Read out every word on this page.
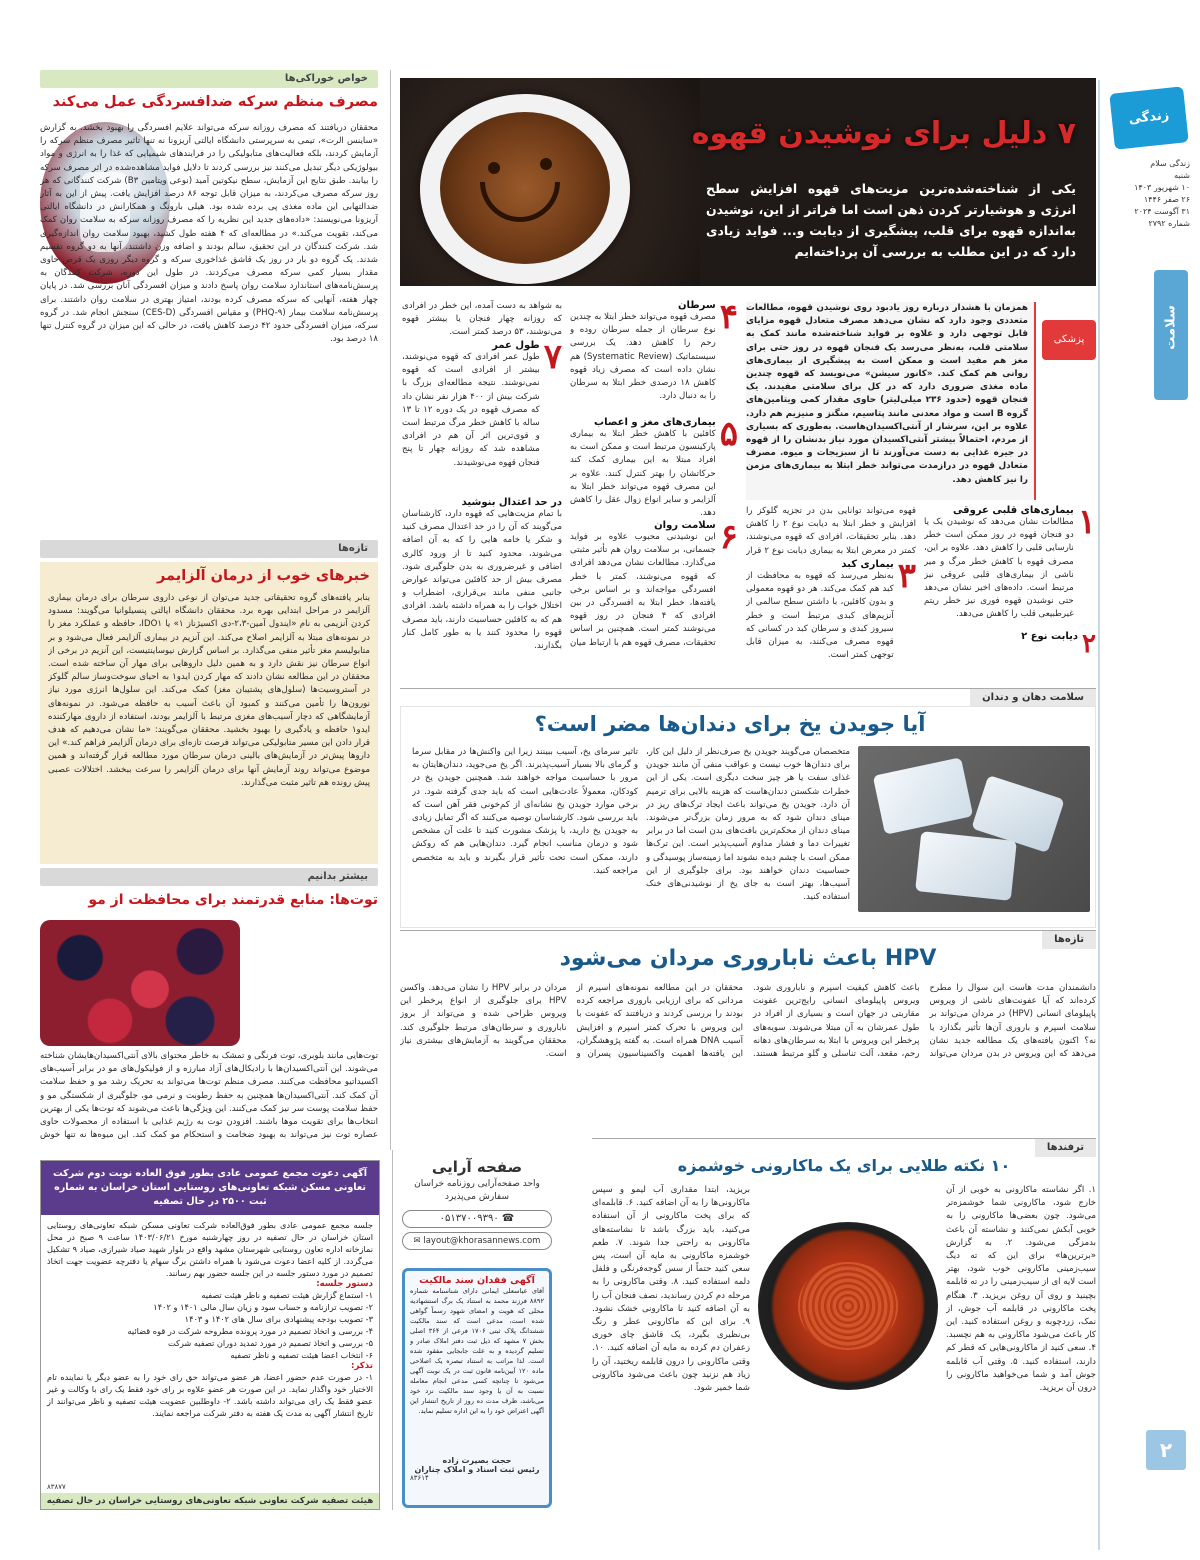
زندگی سلام
زندگی سلام
شنبه
۱۰ شهریور ۱۴۰۳
۲۶ صفر ۱۴۴۶
۳۱ آگوست ۲۰۲۴
شماره ۲۷۹۲
سلامت
۲
۷ دلیل برای نوشیدن قهوه
یکی از شناخته‌شده‌ترین مزیت‌های قهوه افزایش سطح انرژی و هوشیارتر کردن ذهن است اما فراتر از این، نوشیدن به‌اندازه قهوه برای قلب، پیشگیری از دیابت و... فواید زیادی دارد که در این مطلب به بررسی آن پرداخته‌ایم
پزشکی
همزمان با هشدار درباره روز یادبود روی نوشیدن قهوه، مطالعات متعددی وجود دارد که نشان می‌دهد مصرف متعادل قهوه مزایای قابل توجهی دارد و علاوه بر فواید شناخته‌شده مانند کمک به سلامتی قلب، به‌نظر می‌رسد یک فنجان قهوه در روز حتی برای مغز هم مفید است و ممکن است به پیشگیری از بیماری‌های روانی هم کمک کند. «کانور سیشن» می‌نویسد که قهوه چندین ماده مغذی ضروری دارد که در کل برای سلامتی مفیدند. یک فنجان قهوه (حدود ۲۳۶ میلی‌لیتر) حاوی مقدار کمی ویتامین‌های گروه B است و مواد معدنی مانند پتاسیم، منگنز و منیزیم هم دارد. علاوه بر این، سرشار از آنتی‌اکسیدان‌هاست. به‌طوری که بسیاری از مردم، احتمالاً بیشتر آنتی‌اکسیدان مورد نیاز بدنشان را از قهوه در جیره غذایی به دست می‌آورند تا از سبزیجات و میوه. مصرف متعادل قهوه در درازمدت می‌تواند خطر ابتلا به بیماری‌های مزمن را نیز کاهش دهد.
۱
بیماری‌های قلبی عروقی
مطالعات نشان می‌دهد که نوشیدن یک یا دو فنجان قهوه در روز ممکن است خطر نارسایی قلبی را کاهش دهد. علاوه بر این، مصرف قهوه با کاهش خطر مرگ و میر ناشی از بیماری‌های قلبی عروقی نیز مرتبط است. داده‌های اخیر نشان می‌دهد حتی نوشیدن قهوه فوری نیز خطر ریتم غیرطبیعی قلب را کاهش می‌دهد.
۲
دیابت نوع ۲
قهوه می‌تواند توانایی بدن در تجزیه گلوکز را افزایش و خطر ابتلا به دیابت نوع ۲ را کاهش دهد. بنابر تحقیقات، افرادی که قهوه می‌نوشند، کمتر در معرض ابتلا به بیماری دیابت نوع ۲ قرار
۳
بیماری کبد
به‌نظر می‌رسد که قهوه به محافظت از کبد هم کمک می‌کند. هر دو قهوه معمولی و بدون کافئین، با داشتن سطح سالمی از آنزیم‌های کبدی مرتبط است و خطر سیروز کبدی و سرطان کبد در کسانی که قهوه مصرف می‌کنند، به میزان قابل توجهی کمتر است.
۴
سرطان
مصرف قهوه می‌تواند خطر ابتلا به چندین نوع سرطان از جمله سرطان روده و رحم را کاهش دهد. یک بررسی سیستماتیک (Systematic Review) هم نشان داده است که مصرف زیاد قهوه کاهش ۱۸ درصدی خطر ابتلا به سرطان را به دنبال دارد.
۵
بیماری‌های مغز و اعصاب
کافئین با کاهش خطر ابتلا به بیماری پارکینسون مرتبط است و ممکن است به افراد مبتلا به این بیماری کمک کند حرکاتشان را بهتر کنترل کنند. علاوه بر این مصرف قهوه می‌تواند خطر ابتلا به آلزایمر و سایر انواع زوال عقل را کاهش دهد.
۶
سلامت روان
این نوشیدنی محبوب علاوه بر فواید جسمانی، بر سلامت روان هم تأثیر مثبتی می‌گذارد. مطالعات نشان می‌دهد افرادی که قهوه می‌نوشند، کمتر با خطر افسردگی مواجه‌اند و بر اساس برخی یافته‌ها، خطر ابتلا به افسردگی در بین افرادی که ۴ فنجان در روز قهوه می‌نوشند کمتر است. همچنین بر اساس تحقیقات، مصرف قهوه هم با ارتباط میان
به شواهد به دست آمده، این خطر در افرادی که روزانه چهار فنجان یا بیشتر قهوه می‌نوشند، ۵۳ درصد کمتر است.
۷
طول عمر
طول عمر افرادی که قهوه می‌نوشند، بیشتر از افرادی است که قهوه نمی‌نوشند. نتیجه مطالعه‌ای بزرگ با شرکت بیش از ۴۰۰ هزار نفر نشان داد که مصرف قهوه در یک دوره ۱۲ تا ۱۳ ساله با کاهش خطر مرگ مرتبط است و قوی‌ترین اثر آن هم در افرادی مشاهده شد که روزانه چهار تا پنج فنجان قهوه می‌نوشیدند.
در حد اعتدال بنوشید
با تمام مزیت‌هایی که قهوه دارد، کارشناسان می‌گویند که آن را در حد اعتدال مصرف کنید و شکر یا خامه هایی را که به آن اضافه می‌شوند، محدود کنید تا از ورود کالری اضافی و غیرضروری به بدن جلوگیری شود. مصرف بیش از حد کافئین می‌تواند عوارض جانبی منفی مانند بی‌قراری، اضطراب و اختلال خواب را به همراه داشته باشد. افرادی هم که به کافئین حساسیت دارند، باید مصرف قهوه را محدود کنند یا به طور کامل کنار بگذارند.
خواص خوراکی‌ها
مصرف منظم سرکه ضدافسردگی عمل می‌کند
محققان دریافتند که مصرف روزانه سرکه می‌تواند علایم افسردگی را بهبود بخشد. به گزارش «ساینس الرت»، تیمی به سرپرستی دانشگاه ایالتی آریزونا نه تنها تاثیر مصرف منظم سرکه را آزمایش کردند، بلکه فعالیت‌های متابولیکی را در فرایندهای شیمیایی که غذا را به انرژی و مواد بیولوژیکی دیگر تبدیل می‌کنند نیز بررسی کردند تا دلایل فواید مشاهده‌شده در اثر مصرف سرکه را بیابند. طبق نتایج این آزمایش، سطح نیکوتین آمید (نوعی ویتامین B۳) شرکت کنندگانی که هر روز سرکه مصرف می‌کردند، به میزان قابل توجه ۸۶ درصد افزایش یافت. پیش از این به آثار ضدالتهابی این ماده مغذی پی برده شده بود. هیلی بارونگ و همکارانش در دانشگاه ایالتی آریزونا می‌نویسند: «داده‌های جدید این نظریه را که مصرف روزانه سرکه به سلامت روان کمک می‌کند، تقویت می‌کند.» در مطالعه‌ای که ۴ هفته طول کشید، بهبود سلامت روان اندازه‌گیری شد. شرکت کنندگان در این تحقیق، سالم بودند و اضافه وزن داشتند. آنها به دو گروه تقسیم شدند. یک گروه دو بار در روز یک قاشق غذاخوری سرکه و گروه دیگر روزی یک قرص حاوی مقدار بسیار کمی سرکه مصرف می‌کردند. در طول این دوره، شرکت کنندگان به پرسش‌نامه‌های استاندارد سلامت روان پاسخ دادند و میزان افسردگی آنان بررسی شد. در پایان چهار هفته، آنهایی که سرکه مصرف کرده بودند، امتیاز بهتری در سلامت روان داشتند. برای پرسش‌نامه سلامت بیمار (PHQ-۹) و مقیاس افسردگی (CES-D) سنجش انجام شد. در گروه سرکه، میزان افسردگی حدود ۴۲ درصد کاهش یافت، در حالی که این میزان در گروه کنترل تنها ۱۸ درصد بود.
تازه‌ها
خبرهای خوب از درمان آلزایمر
بنابر یافته‌های گروه تحقیقاتی جدید می‌توان از نوعی داروی سرطان برای درمان بیماری آلزایمر در مراحل ابتدایی بهره برد. محققان دانشگاه ایالتی پنسیلوانیا می‌گویند: مسدود کردن آنزیمی به نام «ایندول آمین-۲،۳-دی اکسیژناز ۱» یا IDO۱، حافظه و عملکرد مغز را در نمونه‌های مبتلا به آلزایمر اصلاح می‌کند. این آنزیم در بیماری آلزایمر فعال می‌شود و بر متابولیسم مغز تأثیر منفی می‌گذارد. بر اساس گزارش نیوساینتیست، این آنزیم در برخی از انواع سرطان نیز نقش دارد و به همین دلیل داروهایی برای مهار آن ساخته شده است. محققان در این مطالعه نشان دادند که مهار کردن ایدو۱ به احیای سوخت‌وساز سالم گلوکز در آستروسیت‌ها (سلول‌های پشتیبان مغز) کمک می‌کند. این سلول‌ها انرژی مورد نیاز نورون‌ها را تأمین می‌کنند و کمبود آن باعث آسیب به حافظه می‌شود. در نمونه‌های آزمایشگاهی که دچار آسیب‌های مغزی مرتبط با آلزایمر بودند، استفاده از داروی مهارکننده ایدو۱ حافظه و یادگیری را بهبود بخشید. محققان می‌گویند: «ما نشان می‌دهیم که هدف قرار دادن این مسیر متابولیکی می‌تواند فرصت تازه‌ای برای درمان آلزایمر فراهم کند.» این داروها پیش‌تر در آزمایش‌های بالینی درمان سرطان مورد مطالعه قرار گرفته‌اند و همین موضوع می‌تواند روند آزمایش آنها برای درمان آلزایمر را سرعت ببخشد. اختلالات عصبی پیش رونده هم تاثیر مثبت می‌گذارند.
بیشتر بدانیم
توت‌ها: منابع قدرتمند برای محافظت از مو
توت‌هایی مانند بلوبری، توت فرنگی و تمشک به خاطر محتوای بالای آنتی‌اکسیدان‌هایشان شناخته می‌شوند. این آنتی‌اکسیدان‌ها با رادیکال‌های آزاد مبارزه و از فولیکول‌های مو در برابر آسیب‌های اکسیداتیو محافظت می‌کنند. مصرف منظم توت‌ها می‌تواند به تحریک رشد مو و حفظ سلامت آن کمک کند. آنتی‌اکسیدان‌ها همچنین به حفظ رطوبت و نرمی مو، جلوگیری از شکستگی مو و حفظ سلامت پوست سر نیز کمک می‌کنند. این ویژگی‌ها باعث می‌شوند که توت‌ها یکی از بهترین انتخاب‌ها برای تقویت موها باشند. افزودن توت به رژیم غذایی با استفاده از محصولات حاوی عصاره توت نیز می‌تواند به بهبود ضخامت و استحکام مو کمک کند. این میوه‌ها نه تنها خوش
سلامت دهان و دندان
آیا جویدن یخ برای دندان‌ها مضر است؟
متخصصان می‌گویند جویدن یخ صرف‌نظر از دلیل این کار، برای دندان‌ها خوب نیست و عواقب منفی آن مانند جویدن غذای سفت یا هر چیز سخت دیگری است. یکی از این خطرات شکستن دندان‌هاست که هزینه بالایی برای ترمیم آن دارد. جویدن یخ می‌تواند باعث ایجاد ترک‌های ریز در مینای دندان شود که به مرور زمان بزرگ‌تر می‌شوند. مینای دندان از محکم‌ترین بافت‌های بدن است اما در برابر تغییرات دما و فشار مداوم آسیب‌پذیر است. این ترک‌ها ممکن است با چشم دیده نشوند اما زمینه‌ساز پوسیدگی و حساسیت دندان خواهند بود. برای جلوگیری از این آسیب‌ها، بهتر است به جای یخ از نوشیدنی‌های خنک استفاده کنید.
تاثیر سرمای یخ، آسیب ببینند زیرا این واکنش‌ها در مقابل سرما و گرمای بالا بسیار آسیب‌پذیرند. اگر یخ می‌جوید، دندان‌هایتان به مرور با حساسیت مواجه خواهند شد. همچنین جویدن یخ در کودکان، معمولاً عادت‌هایی است که باید جدی گرفته شود. در برخی موارد جویدن یخ نشانه‌ای از کم‌خونی فقر آهن است که باید بررسی شود. کارشناسان توصیه می‌کنند که اگر تمایل زیادی به جویدن یخ دارید، با پزشک مشورت کنید تا علت آن مشخص شود و درمان مناسب انجام گیرد. دندان‌هایی هم که روکش دارند، ممکن است تحت تأثیر قرار بگیرند و باید به متخصص مراجعه کنید.
تازه‌ها
HPV باعث ناباروری مردان می‌شود
دانشمندان مدت هاست این سوال را مطرح کرده‌اند که آیا عفونت‌های ناشی از ویروس پاپیلومای انسانی (HPV) در مردان می‌تواند بر سلامت اسپرم و باروری آن‌ها تأثیر بگذارد یا نه؟ اکنون یافته‌های یک مطالعه جدید نشان می‌دهد که این ویروس در بدن مردان می‌تواند باعث کاهش کیفیت اسپرم و ناباروری شود. ویروس پاپیلومای انسانی رایج‌ترین عفونت مقاربتی در جهان است و بسیاری از افراد در طول عمرشان به آن مبتلا می‌شوند. سویه‌های پرخطر این ویروس با ابتلا به سرطان‌های دهانه رحم، مقعد، آلت تناسلی و گلو مرتبط هستند. محققان در این مطالعه نمونه‌های اسپرم از مردانی که برای ارزیابی باروری مراجعه کرده بودند را بررسی کردند و دریافتند که عفونت با این ویروس با تحرک کمتر اسپرم و افزایش آسیب DNA همراه است. به گفته پژوهشگران، این یافته‌ها اهمیت واکسیناسیون پسران و مردان در برابر HPV را نشان می‌دهد. واکسن HPV برای جلوگیری از انواع پرخطر این ویروس طراحی شده و می‌تواند از بروز ناباروری و سرطان‌های مرتبط جلوگیری کند. محققان می‌گویند به آزمایش‌های بیشتری نیاز است.
ترفندها
۱۰ نکته طلایی برای یک ماکارونی خوشمزه
۱. اگر نشاسته ماکارونی به خوبی از آن خارج شود، ماکارونی شما خوشمزه‌تر می‌شود. چون بعضی‌ها ماکارونی را به خوبی آبکش نمی‌کنند و نشاسته آن باعث بدمزگی می‌شود. ۲. به گزارش «برترین‌ها» برای این که ته دیگ سیب‌زمینی ماکارونی خوب شود، بهتر است لایه ای از سیب‌زمینی را در ته قابلمه بچینید و روی آن روغن بریزید. ۳. هنگام پخت ماکارونی در قابلمه آب جوش، از نمک، زردچوبه و روغن استفاده کنید. این کار باعث می‌شود ماکارونی به هم نچسبد. ۴. سعی کنید از ماکارونی‌هایی که قطر کم دارند، استفاده کنید. ۵. وقتی آب قابلمه جوش آمد و شما می‌خواهید ماکارونی را درون آن بریزید.
بریزید، ابتدا مقداری آب لیمو و سپس ماکارونی‌ها را به آن اضافه کنید. ۶. قابلمه‌ای که برای پخت ماکارونی از آن استفاده می‌کنید، باید بزرگ باشد تا نشاسته‌های ماکارونی به راحتی جدا شوند. ۷. طعم خوشمزه ماکارونی به مایه آن است، پس سعی کنید حتماً از سس گوجه‌فرنگی و فلفل دلمه استفاده کنید. ۸. وقتی ماکارونی را به مرحله دم کردن رساندید، نصف فنجان آب را به آن اضافه کنید تا ماکارونی خشک نشود. ۹. برای این که ماکارونی عطر و رنگ بی‌نظیری بگیرد، یک قاشق چای خوری زعفران دم کرده به مایه آن اضافه کنید. ۱۰. وقتی ماکارونی را درون قابلمه ریختید، آن را زیاد هم نزنید چون باعث می‌شود ماکارونی شما خمیر شود.
صفحه آرایی
واحد صفحه‌آرایی روزنامه خراسان سفارش می‌پذیرد
☎ ۰۵۱۳۷۰۰۹۳۹۰
✉ layout@khorasannews.com
آگهی فقدان سند مالکیت
آقای عباسعلی ایمانی دارای شناسنامه شماره ۸۸۹۲ فرزند محمد به استناد یک برگ استشهادیه محلی که هویت و امضای شهود رسماً گواهی شده است، مدعی است که سند مالکیت ششدانگ پلاک ثبتی ۱۷۰۶ فرعی از ۳۶۴ اصلی بخش ۷ مشهد که ذیل ثبت دفتر املاک صادر و تسلیم گردیده و به علت جابجایی مفقود شده است. لذا مراتب به استناد تبصره یک اصلاحی ماده ۱۲۰ آیین‌نامه قانون ثبت در یک نوبت آگهی می‌شود تا چنانچه کسی مدعی انجام معامله نسبت به آن یا وجود سند مالکیت نزد خود می‌باشد، ظرف مدت ده روز از تاریخ انتشار این آگهی اعتراض خود را به این اداره تسلیم نماید.
حجت بصیرت زاده
رئیس ثبت اسناد و املاک چناران
۸۳۶۱۴
آگهی دعوت مجمع عمومی عادی بطور فوق العاده نوبت دوم شرکت تعاونی مسکن شبکه تعاونی‌های روستایی استان خراسان به شماره ثبت ۲۵۰۰ در حال تصفیه
جلسه مجمع عمومی عادی بطور فوق‌العاده شرکت تعاونی مسکن شبکه تعاونی‌های روستایی استان خراسان در حال تصفیه در روز چهارشنبه مورخ ۱۴۰۳/۰۶/۲۱ ساعت ۹ صبح در محل نمازخانه اداره تعاون روستایی شهرستان مشهد واقع در بلوار شهید صیاد شیرازی، صیاد ۹ تشکیل می‌گردد. از کلیه اعضا دعوت می‌شود با همراه داشتن برگ سهام یا دفترچه عضویت جهت اتخاذ تصمیم در مورد دستور جلسه در این جلسه حضور بهم رسانند.
دستور جلسه:
۱- استماع گزارش هیئت تصفیه و ناظر هیئت تصفیه
۲- تصویب ترازنامه و حساب سود و زیان سال مالی ۱۴۰۱ و ۱۴۰۲
۳- تصویب بودجه پیشنهادی برای سال های ۱۴۰۲ و ۱۴۰۳
۴- بررسی و اتخاذ تصمیم در مورد پرونده مطروحه شرکت در قوه قضائیه
۵- بررسی و اتخاذ تصمیم در مورد تمدید دوران تصفیه شرکت
۶- انتخاب اعضا هیئت تصفیه و ناظر تصفیه
تذکر:
۱- در صورت عدم حضور اعضا، هر عضو می‌تواند حق رای خود را به عضو دیگر یا نماینده تام الاختیار خود واگذار نماید. در این صورت هر عضو علاوه بر رای خود فقط یک رای با وکالت و غیر عضو فقط یک رای می‌تواند داشته باشد. ۲- داوطلبین عضویت هیئت تصفیه و ناظر می‌توانند از تاریخ انتشار آگهی به مدت یک هفته به دفتر شرکت مراجعه نمایند.
هیئت تصفیه شرکت تعاونی شبکه تعاونی‌های روستایی خراسان در حال تصفیه
۸۳۸۷۷
